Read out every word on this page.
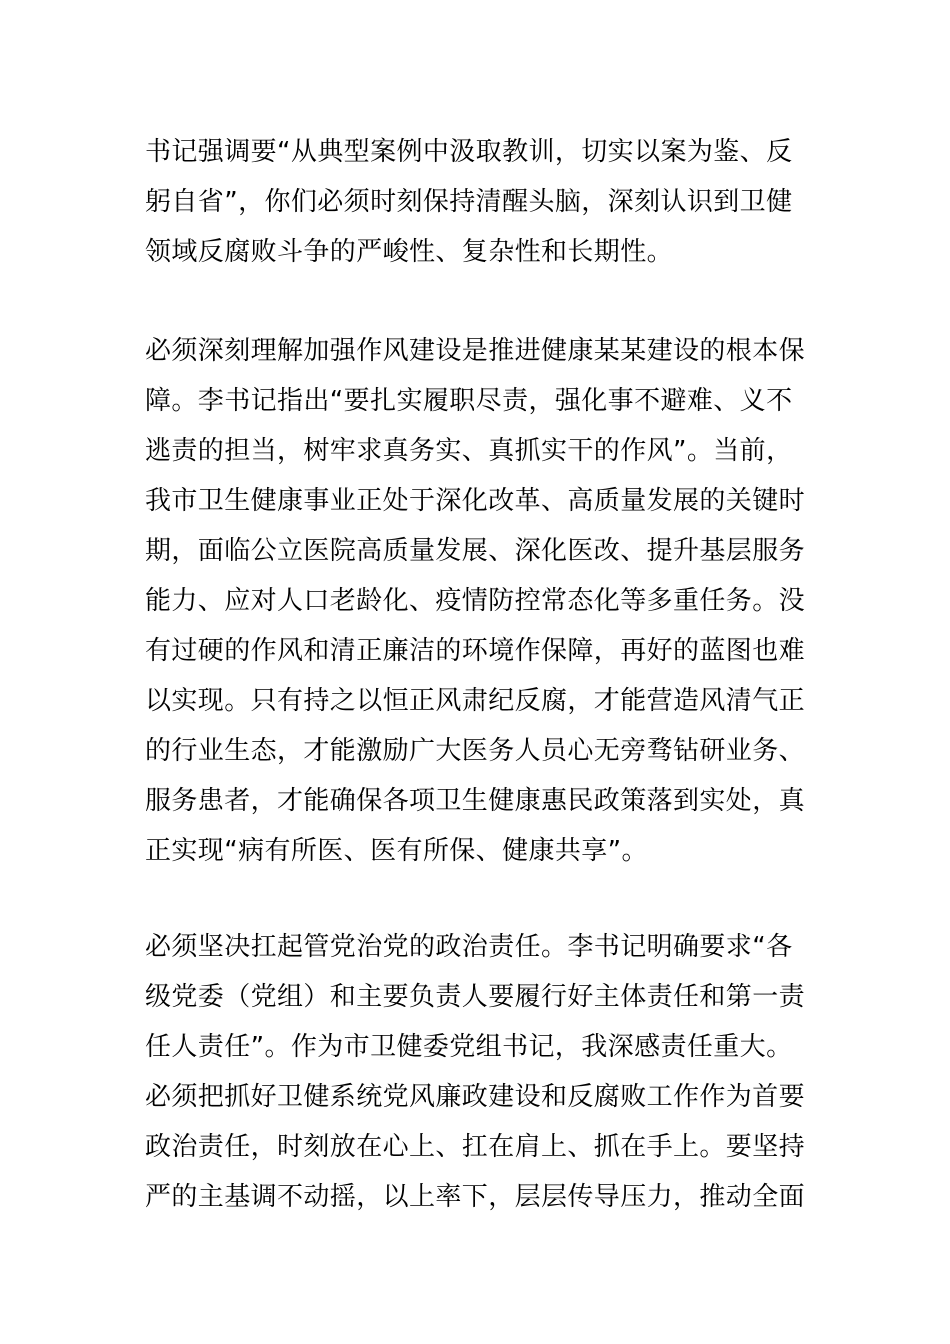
书记强调要“从典型案例中汲取教训，切实以案为鉴、反
躬自省”，你们必须时刻保持清醒头脑，深刻认识到卫健
领域反腐败斗争的严峻性、复杂性和长期性。
必须深刻理解加强作风建设是推进健康某某建设的根本保
障。李书记指出“要扎实履职尽责，强化事不避难、义不
逃责的担当，树牢求真务实、真抓实干的作风”。当前，
我市卫生健康事业正处于深化改革、高质量发展的关键时
期，面临公立医院高质量发展、深化医改、提升基层服务
能力、应对人口老龄化、疫情防控常态化等多重任务。没
有过硬的作风和清正廉洁的环境作保障，再好的蓝图也难
以实现。只有持之以恒正风肃纪反腐，才能营造风清气正
的行业生态，才能激励广大医务人员心无旁骛钻研业务、
服务患者，才能确保各项卫生健康惠民政策落到实处，真
正实现“病有所医、医有所保、健康共享”。
必须坚决扛起管党治党的政治责任。李书记明确要求“各
级党委（党组）和主要负责人要履行好主体责任和第一责
任人责任”。作为市卫健委党组书记，我深感责任重大。
必须把抓好卫健系统党风廉政建设和反腐败工作作为首要
政治责任，时刻放在心上、扛在肩上、抓在手上。要坚持
严的主基调不动摇，以上率下，层层传导压力，推动全面
